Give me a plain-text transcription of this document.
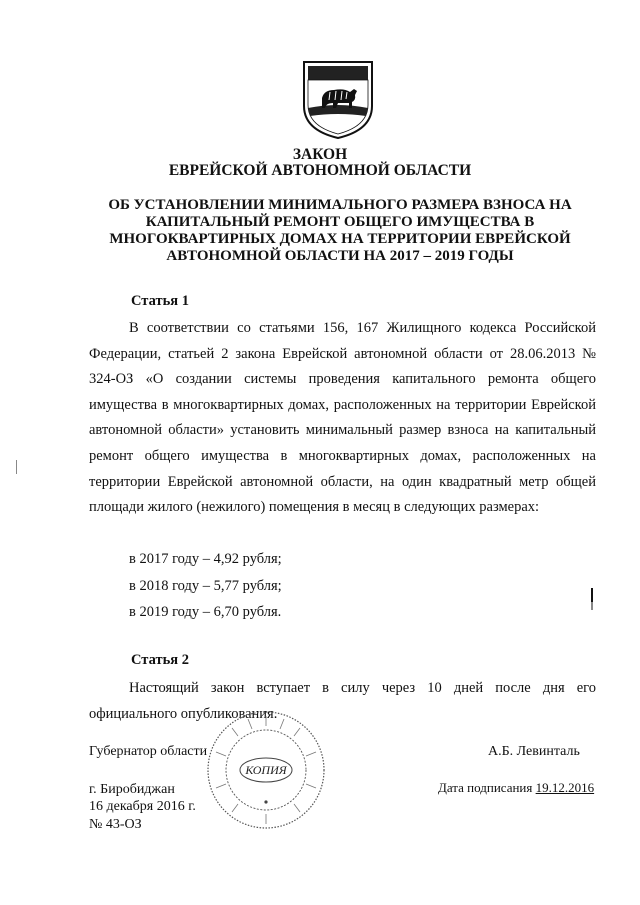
ЗАКОН
ЕВРЕЙСКОЙ АВТОНОМНОЙ ОБЛАСТИ
ОБ УСТАНОВЛЕНИИ МИНИМАЛЬНОГО РАЗМЕРА ВЗНОСА НА
КАПИТАЛЬНЫЙ РЕМОНТ ОБЩЕГО ИМУЩЕСТВА В
МНОГОКВАРТИРНЫХ ДОМАХ НА ТЕРРИТОРИИ ЕВРЕЙСКОЙ
АВТОНОМНОЙ ОБЛАСТИ НА 2017 – 2019 ГОДЫ
Статья 1

В соответствии со статьями 156, 167 Жилищного кодекса Российской Федерации, статьей 2 закона Еврейской автономной области от 28.06.2013 № 324-ОЗ «О создании системы проведения капитального ремонта общего имущества в многоквартирных домах, расположенных на территории Еврейской автономной области» установить минимальный размер взноса на капитальный ремонт общего имущества в многоквартирных домах, расположенных на территории Еврейской автономной области, на один квадратный метр общей площади жилого (нежилого) помещения в месяц в следующих размерах:

в 2017 году – 4,92 рубля;
в 2018 году – 5,77 рубля;
в 2019 году – 6,70 рубля.
Статья 2

Настоящий закон вступает в силу через 10 дней после дня его официального опубликования.

Губернатор области	А.Б. Левинталь
г. Биробиджан	Дата подписания 19.12.2016
16 декабря 2016 г.
№ 43-ОЗ
КОПИЯ
